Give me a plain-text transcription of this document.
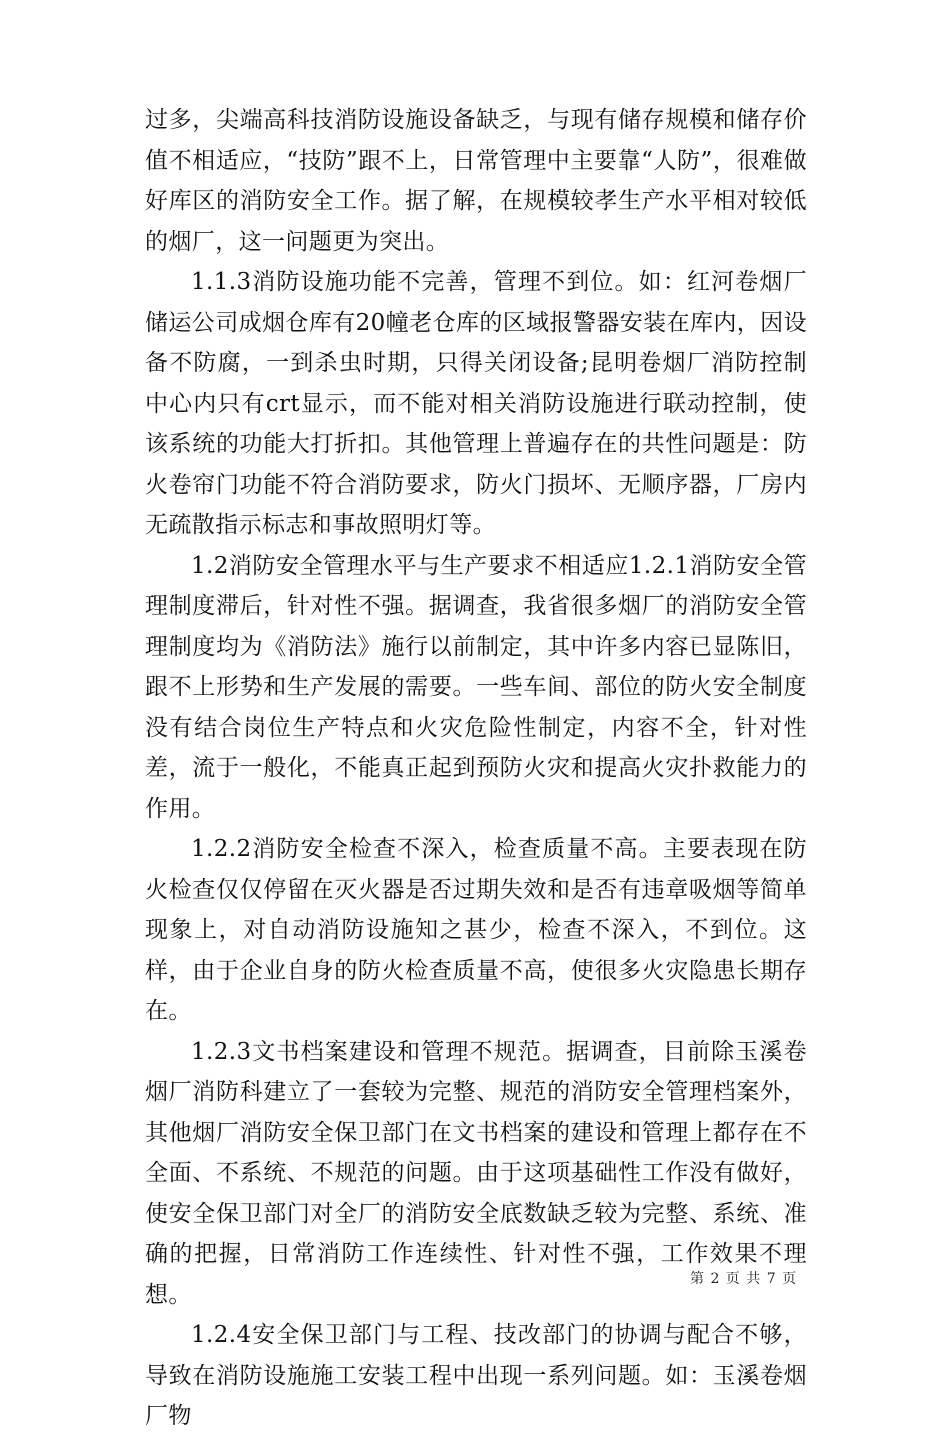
过多，尖端高科技消防设施设备缺乏，与现有储存规模和储存价值不相适应，“技防”跟不上，日常管理中主要靠“人防”，很难做好库区的消防安全工作。据了解，在规模较孝生产水平相对较低的烟厂，这一问题更为突出。

1.1.3消防设施功能不完善，管理不到位。如：红河卷烟厂储运公司成烟仓库有20幢老仓库的区域报警器安装在库内，因设备不防腐，一到杀虫时期，只得关闭设备;昆明卷烟厂消防控制中心内只有crt显示，而不能对相关消防设施进行联动控制，使该系统的功能大打折扣。其他管理上普遍存在的共性问题是：防火卷帘门功能不符合消防要求，防火门损坏、无顺序器，厂房内无疏散指示标志和事故照明灯等。

1.2消防安全管理水平与生产要求不相适应1.2.1消防安全管理制度滞后，针对性不强。据调查，我省很多烟厂的消防安全管理制度均为《消防法》施行以前制定，其中许多内容已显陈旧，跟不上形势和生产发展的需要。一些车间、部位的防火安全制度没有结合岗位生产特点和火灾危险性制定，内容不全，针对性差，流于一般化，不能真正起到预防火灾和提高火灾扑救能力的作用。

1.2.2消防安全检查不深入，检查质量不高。主要表现在防火检查仅仅停留在灭火器是否过期失效和是否有违章吸烟等简单现象上，对自动消防设施知之甚少，检查不深入，不到位。这样，由于企业自身的防火检查质量不高，使很多火灾隐患长期存在。

1.2.3文书档案建设和管理不规范。据调查，目前除玉溪卷烟厂消防科建立了一套较为完整、规范的消防安全管理档案外，其他烟厂消防安全保卫部门在文书档案的建设和管理上都存在不全面、不系统、不规范的问题。由于这项基础性工作没有做好，使安全保卫部门对全厂的消防安全底数缺乏较为完整、系统、准确的把握，日常消防工作连续性、针对性不强，工作效果不理想。

1.2.4安全保卫部门与工程、技改部门的协调与配合不够，导致在消防设施施工安装工程中出现一系列问题。如：玉溪卷烟厂物

第 2 页 共 7 页
